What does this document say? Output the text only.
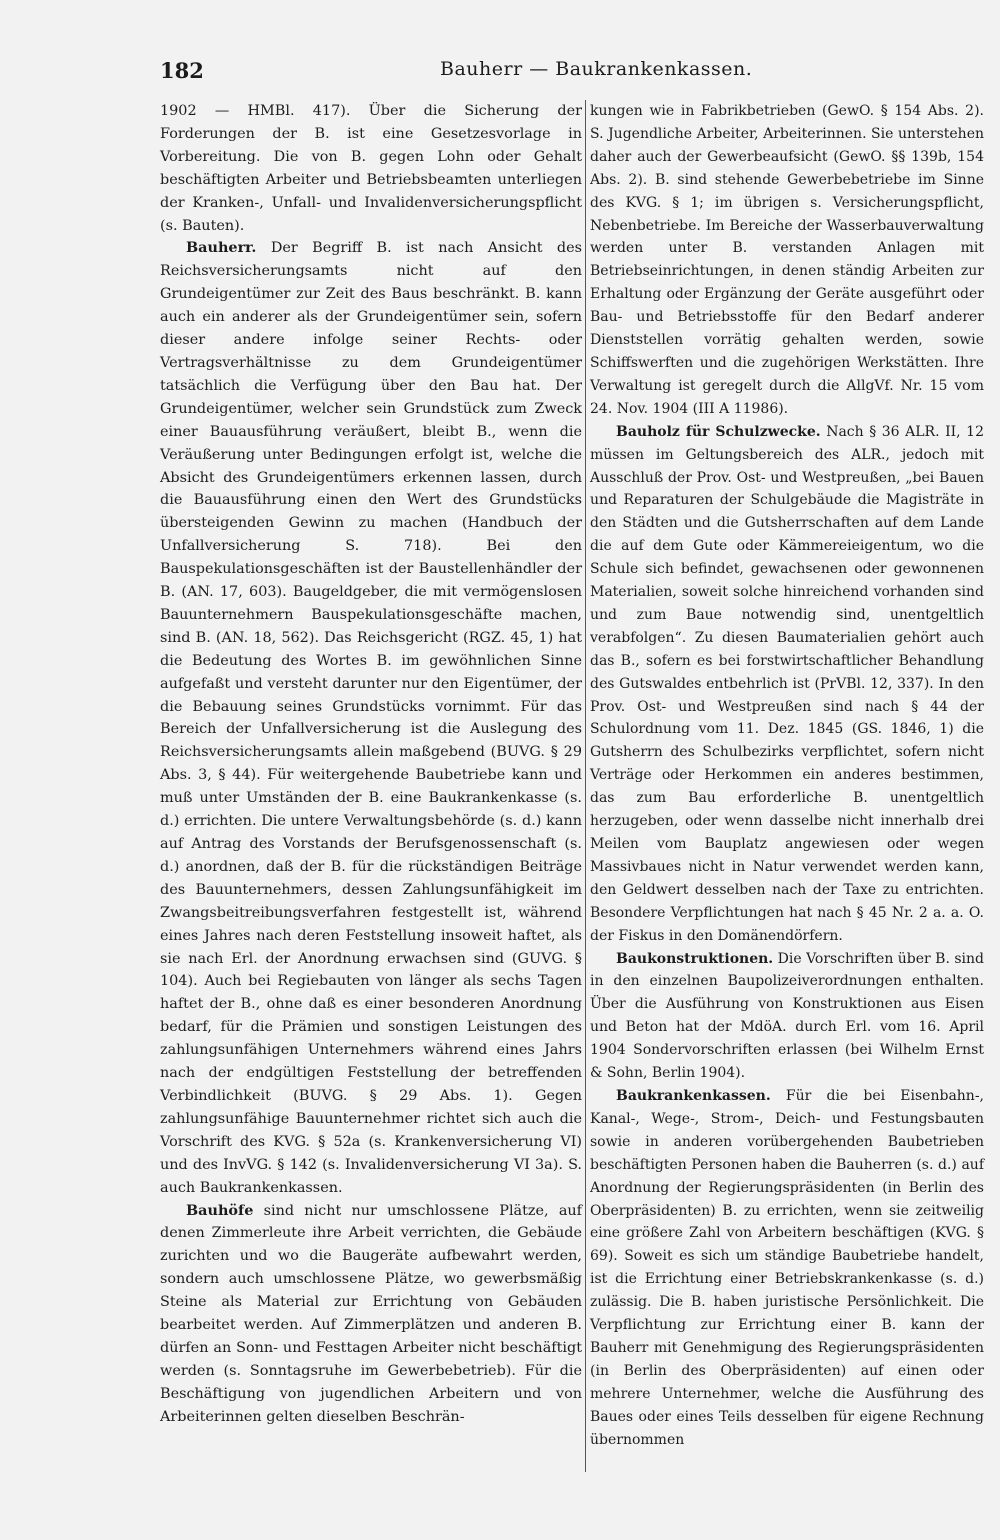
182	Bauherr — Baukrankenkassen.

1902 — HMBl. 417). Über die Sicherung der Forderungen der B. ist eine Gesetzesvorlage in Vorbereitung. Die von B. gegen Lohn oder Gehalt beschäftigten Arbeiter und Betriebsbeamten unterliegen der Kranken-, Unfall- und Invalidenversicherungspflicht (s. Bauten).

Bauherr. Der Begriff B. ist nach Ansicht des Reichsversicherungsamts nicht auf den Grundeigentümer zur Zeit des Baus beschränkt. B. kann auch ein anderer als der Grundeigentümer sein, sofern dieser andere infolge seiner Rechts- oder Vertragsverhältnisse zu dem Grundeigentümer tatsächlich die Verfügung über den Bau hat. Der Grundeigentümer, welcher sein Grundstück zum Zweck einer Bauausführung veräußert, bleibt B., wenn die Veräußerung unter Bedingungen erfolgt ist, welche die Absicht des Grundeigentümers erkennen lassen, durch die Bauausführung einen den Wert des Grundstücks übersteigenden Gewinn zu machen (Handbuch der Unfallversicherung S. 718). Bei den Bauspekulationsgeschäften ist der Baustellenhändler der B. (AN. 17, 603). Baugeldgeber, die mit vermögenslosen Bauunternehmern Bauspekulationsgeschäfte machen, sind B. (AN. 18, 562). Das Reichsgericht (RGZ. 45, 1) hat die Bedeutung des Wortes B. im gewöhnlichen Sinne aufgefaßt und versteht darunter nur den Eigentümer, der die Bebauung seines Grundstücks vornimmt. Für das Bereich der Unfallversicherung ist die Auslegung des Reichsversicherungsamts allein maßgebend (BUVG. § 29 Abs. 3, § 44). Für weitergehende Baubetriebe kann und muß unter Umständen der B. eine Baukrankenkasse (s. d.) errichten. Die untere Verwaltungsbehörde (s. d.) kann auf Antrag des Vorstands der Berufsgenossenschaft (s. d.) anordnen, daß der B. für die rückständigen Beiträge des Bauunternehmers, dessen Zahlungsunfähigkeit im Zwangsbeitreibungsverfahren festgestellt ist, während eines Jahres nach deren Feststellung insoweit haftet, als sie nach Erl. der Anordnung erwachsen sind (GUVG. § 104). Auch bei Regiebauten von länger als sechs Tagen haftet der B., ohne daß es einer besonderen Anordnung bedarf, für die Prämien und sonstigen Leistungen des zahlungsunfähigen Unternehmers während eines Jahrs nach der endgültigen Feststellung der betreffenden Verbindlichkeit (BUVG. § 29 Abs. 1). Gegen zahlungsunfähige Bauunternehmer richtet sich auch die Vorschrift des KVG. § 52a (s. Krankenversicherung VI) und des InvVG. § 142 (s. Invalidenversicherung VI 3a). S. auch Baukrankenkassen.

Bauhöfe sind nicht nur umschlossene Plätze, auf denen Zimmerleute ihre Arbeit verrichten, die Gebäude zurichten und wo die Baugeräte aufbewahrt werden, sondern auch umschlossene Plätze, wo gewerbsmäßig Steine als Material zur Errichtung von Gebäuden bearbeitet werden. Auf Zimmerplätzen und anderen B. dürfen an Sonn- und Festtagen Arbeiter nicht beschäftigt werden (s. Sonntagsruhe im Gewerbebetrieb). Für die Beschäftigung von jugendlichen Arbeitern und von Arbeiterinnen gelten dieselben Beschrän-

kungen wie in Fabrikbetrieben (GewO. § 154 Abs. 2). S. Jugendliche Arbeiter, Arbeiterinnen. Sie unterstehen daher auch der Gewerbeaufsicht (GewO. §§ 139b, 154 Abs. 2). B. sind stehende Gewerbebetriebe im Sinne des KVG. § 1; im übrigen s. Versicherungspflicht, Nebenbetriebe. Im Bereiche der Wasserbauverwaltung werden unter B. verstanden Anlagen mit Betriebseinrichtungen, in denen ständig Arbeiten zur Erhaltung oder Ergänzung der Geräte ausgeführt oder Bau- und Betriebsstoffe für den Bedarf anderer Dienststellen vorrätig gehalten werden, sowie Schiffswerften und die zugehörigen Werkstätten. Ihre Verwaltung ist geregelt durch die AllgVf. Nr. 15 vom 24. Nov. 1904 (III A 11986).

Bauholz für Schulzwecke. Nach § 36 ALR. II, 12 müssen im Geltungsbereich des ALR., jedoch mit Ausschluß der Prov. Ost- und Westpreußen, „bei Bauen und Reparaturen der Schulgebäude die Magisträte in den Städten und die Gutsherrschaften auf dem Lande die auf dem Gute oder Kämmereieigentum, wo die Schule sich befindet, gewachsenen oder gewonnenen Materialien, soweit solche hinreichend vorhanden sind und zum Baue notwendig sind, unentgeltlich verabfolgen“. Zu diesen Baumaterialien gehört auch das B., sofern es bei forstwirtschaftlicher Behandlung des Gutswaldes entbehrlich ist (PrVBl. 12, 337). In den Prov. Ost- und Westpreußen sind nach § 44 der Schulordnung vom 11. Dez. 1845 (GS. 1846, 1) die Gutsherrn des Schulbezirks verpflichtet, sofern nicht Verträge oder Herkommen ein anderes bestimmen, das zum Bau erforderliche B. unentgeltlich herzugeben, oder wenn dasselbe nicht innerhalb drei Meilen vom Bauplatz angewiesen oder wegen Massivbaues nicht in Natur verwendet werden kann, den Geldwert desselben nach der Taxe zu entrichten. Besondere Verpflichtungen hat nach § 45 Nr. 2 a. a. O. der Fiskus in den Domänendörfern.

Baukonstruktionen. Die Vorschriften über B. sind in den einzelnen Baupolizeiverordnungen enthalten. Über die Ausführung von Konstruktionen aus Eisen und Beton hat der MdöA. durch Erl. vom 16. April 1904 Sondervorschriften erlassen (bei Wilhelm Ernst & Sohn, Berlin 1904).

Baukrankenkassen. Für die bei Eisenbahn-, Kanal-, Wege-, Strom-, Deich- und Festungsbauten sowie in anderen vorübergehenden Baubetrieben beschäftigten Personen haben die Bauherren (s. d.) auf Anordnung der Regierungspräsidenten (in Berlin des Oberpräsidenten) B. zu errichten, wenn sie zeitweilig eine größere Zahl von Arbeitern beschäftigen (KVG. § 69). Soweit es sich um ständige Baubetriebe handelt, ist die Errichtung einer Betriebskrankenkasse (s. d.) zulässig. Die B. haben juristische Persönlichkeit. Die Verpflichtung zur Errichtung einer B. kann der Bauherr mit Genehmigung des Regierungspräsidenten (in Berlin des Oberpräsidenten) auf einen oder mehrere Unternehmer, welche die Ausführung des Baues oder eines Teils desselben für eigene Rechnung übernommen
